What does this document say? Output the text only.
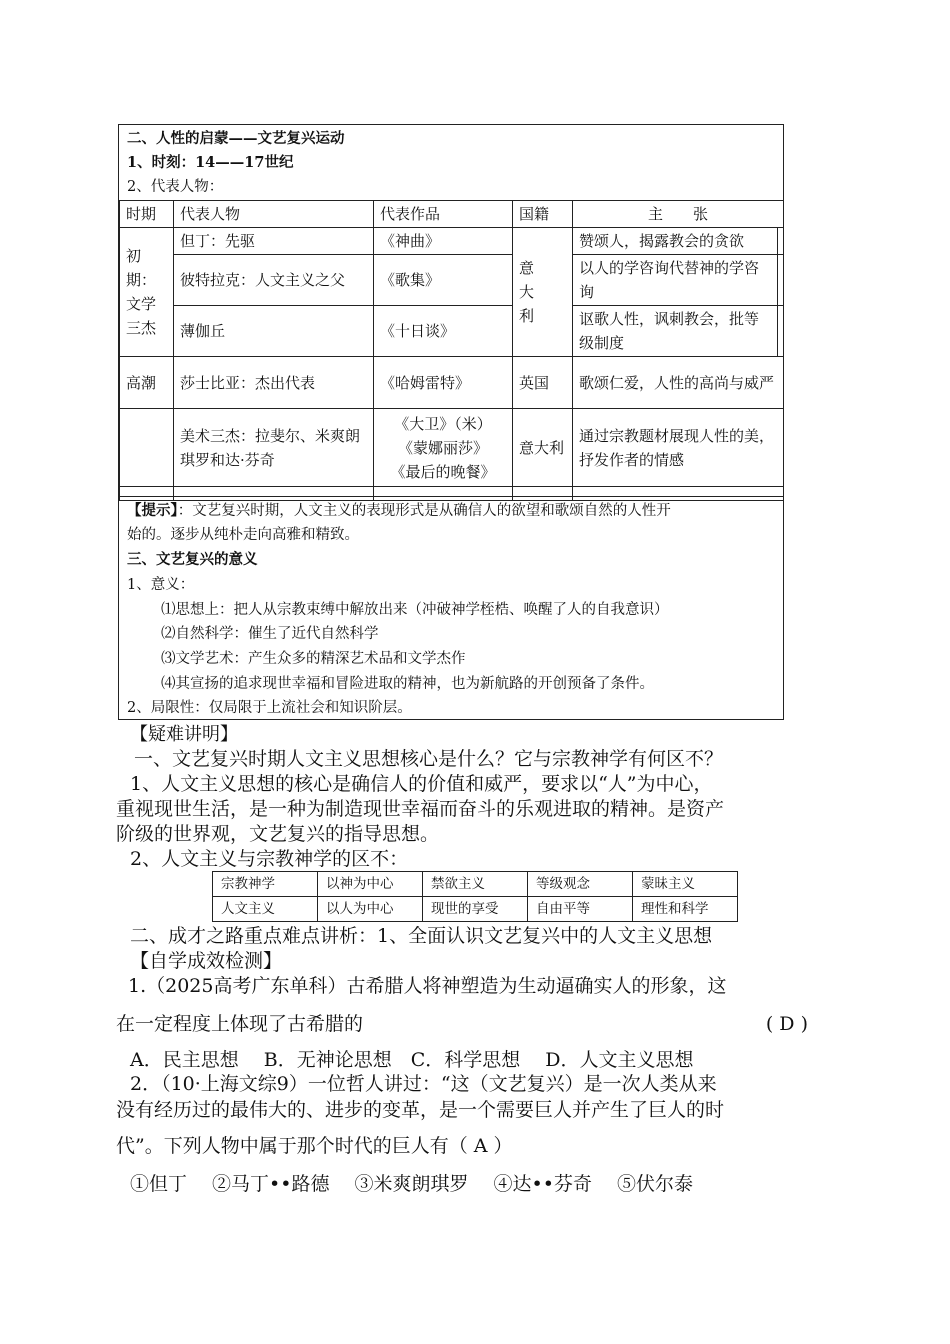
二、人性的启蒙——文艺复兴运动
1、时刻：14——17世纪
2、代表人物：
时期	代表人物	代表作品	国籍	主　　张	

初
期：
文学
三杰	但丁：先驱	《神曲》	意
大
利	赞颂人，揭露教会的贪欲	
	彼特拉克：人文主义之父	《歌集》		以人的学咨询代替神的学咨询	
	薄伽丘	《十日谈》		讴歌人性，讽刺教会，批等级制度	
高潮	莎士比亚：杰出代表	《哈姆雷特》	英国	歌颂仁爱，人性的高尚与威严	
	美术三杰：拉斐尔、米爽朗琪罗和达·芬奇	《大卫》（米）
《蒙娜丽莎》
《最后的晚餐》	意大利	通过宗教题材展现人性的美，抒发作者的情感	

【提示】：文艺复兴时期，人文主义的表现形式是从确信人的欲望和歌颂自然的人性开
始的。逐步从纯朴走向高雅和精致。
三、文艺复兴的意义
1、意义：
⑴思想上：把人从宗教束缚中解放出来（冲破神学桎梏、唤醒了人的自我意识）
⑵自然科学：催生了近代自然科学
⑶文学艺术：产生众多的精深艺术品和文学杰作
⑷其宣扬的追求现世幸福和冒险进取的精神，也为新航路的开创预备了条件。
2、局限性：仅局限于上流社会和知识阶层。
【疑难讲明】
一、文艺复兴时期人文主义思想核心是什么？它与宗教神学有何区不？
1、人文主义思想的核心是确信人的价值和威严，要求以“人”为中心，
重视现世生活，是一种为制造现世幸福而奋斗的乐观进取的精神。是资产
阶级的世界观，文艺复兴的指导思想。
2、人文主义与宗教神学的区不：
宗教神学	以神为中心	禁欲主义	等级观念	蒙昧主义
人文主义	以人为中心	现世的享受	自由平等	理性和科学
二、成才之路重点难点讲析：1、全面认识文艺复兴中的人文主义思想
【自学成效检测】
1.（2025高考广东单科）古希腊人将神塑造为生动逼确实人的形象，这
在一定程度上体现了古希腊的	( D )
A．民主思想　 B．无神论思想　C．科学思想　 D．人文主义思想
2．（10·上海文综9）一位哲人讲过：“这（文艺复兴）是一次人类从来
没有经历过的最伟大的、进步的变革，是一个需要巨人并产生了巨人的时
代”。下列人物中属于那个时代的巨人有（ A ）
①但丁　 ②马丁••路德　 ③米爽朗琪罗　 ④达••芬奇　 ⑤伏尔泰
